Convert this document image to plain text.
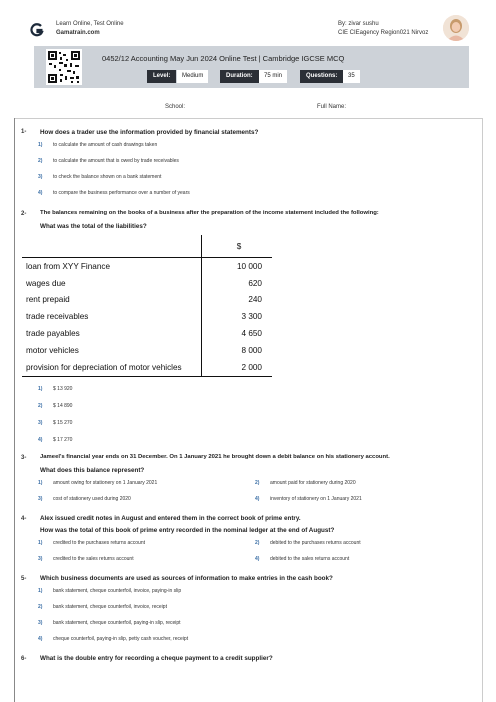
Learn Online, Test Online
Gamatrain.com
By: zivar sushu
CIE CIEagency Region021 Nirvoz
0452/12 Accounting May Jun 2024 Online Test | Cambridge IGCSE MCQ
Level:	Medium	Duration:	75 min	Questions:	35
School:	Full Name:
1- How does a trader use the information provided by financial statements?
1) to calculate the amount of cash drawings taken
2) to calculate the amount that is owed by trade receivables
3) to check the balance shown on a bank statement
4) to compare the business performance over a number of years
2- The balances remaining on the books of a business after the preparation of the income statement included the following:
What was the total of the liabilities?
	$
loan from XYY Finance	10 000
wages due	620
rent prepaid	240
trade receivables	3 300
trade payables	4 650
motor vehicles	8 000
provision for depreciation of motor vehicles	2 000
1) $ 13 920
2) $ 14 890
3) $ 15 270
4) $ 17 270
3- Jameel's financial year ends on 31 December. On 1 January 2021 he brought down a debit balance on his stationery account.
What does this balance represent?
1) amount owing for stationery on 1 January 2021	2) amount paid for stationery during 2020
3) cost of stationery used during 2020	4) inventory of stationery on 1 January 2021
4- Alex issued credit notes in August and entered them in the correct book of prime entry.
How was the total of this book of prime entry recorded in the nominal ledger at the end of August?
1) credited to the purchases returns account	2) debited to the purchases returns account
3) credited to the sales returns account	4) debited to the sales returns account
5- Which business documents are used as sources of information to make entries in the cash book?
1) bank statement, cheque counterfoil, invoice, paying-in slip
2) bank statement, cheque counterfoil, invoice, receipt
3) bank statement, cheque counterfoil, paying-in slip, receipt
4) cheque counterfoil, paying-in slip, petty cash voucher, receipt
6- What is the double entry for recording a cheque payment to a credit supplier?
